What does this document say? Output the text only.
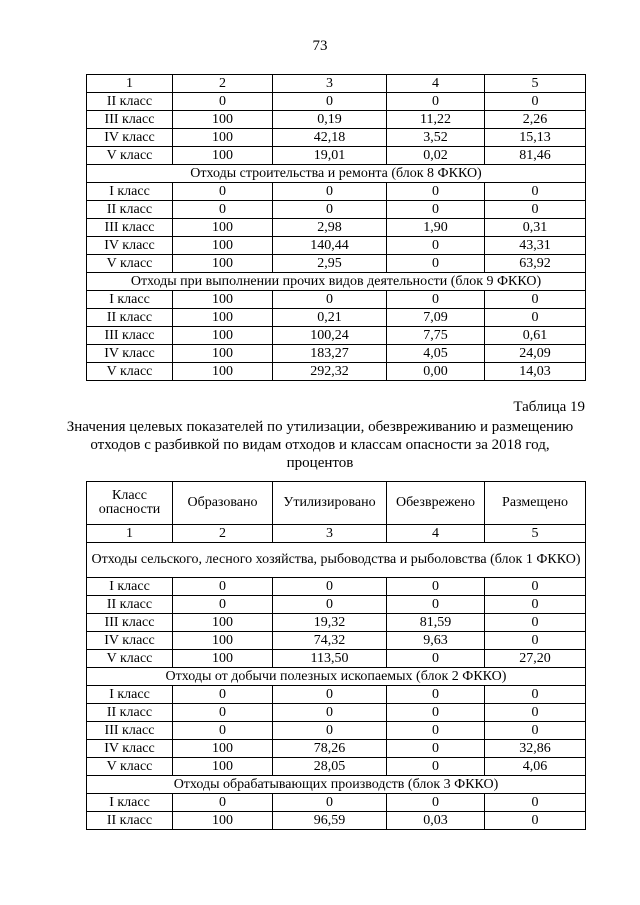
73
1	2	3	4	5
II класс	0	0	0	0
III класс	100	0,19	11,22	2,26
IV класс	100	42,18	3,52	15,13
V класс	100	19,01	0,02	81,46
Отходы строительства и ремонта (блок 8 ФККО)				
I класс	0	0	0	0
II класс	0	0	0	0
III класс	100	2,98	1,90	0,31
IV класс	100	140,44	0	43,31
V класс	100	2,95	0	63,92
Отходы при выполнении прочих видов деятельности (блок 9 ФККО)				
I класс	100	0	0	0
II класс	100	0,21	7,09	0
III класс	100	100,24	7,75	0,61
IV класс	100	183,27	4,05	24,09
V класс	100	292,32	0,00	14,03
Таблица 19
Значения целевых показателей по утилизации, обезвреживанию и размещению отходов с разбивкой по видам отходов и классам опасности за 2018 год, процентов
Класс опасности	Образовано	Утилизировано	Обезврежено	Размещено
1	2	3	4	5
Отходы сельского, лесного хозяйства, рыбоводства и рыболовства (блок 1 ФККО)				
I класс	0	0	0	0
II класс	0	0	0	0
III класс	100	19,32	81,59	0
IV класс	100	74,32	9,63	0
V класс	100	113,50	0	27,20
Отходы от добычи полезных ископаемых (блок 2 ФККО)				
I класс	0	0	0	0
II класс	0	0	0	0
III класс	0	0	0	0
IV класс	100	78,26	0	32,86
V класс	100	28,05	0	4,06
Отходы обрабатывающих производств (блок 3 ФККО)				
I класс	0	0	0	0
II класс	100	96,59	0,03	0
